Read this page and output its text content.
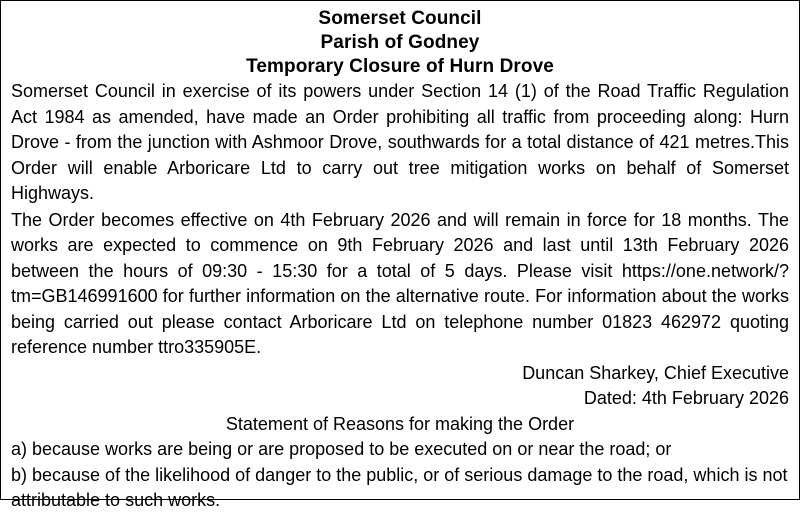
Somerset Council
Parish of Godney
Temporary Closure of Hurn Drove

Somerset Council in exercise of its powers under Section 14 (1) of the Road Traffic Regulation Act 1984 as amended, have made an Order prohibiting all traffic from proceeding along: Hurn Drove - from the junction with Ashmoor Drove, southwards for a total distance of 421 metres.This Order will enable Arboricare Ltd to carry out tree mitigation works on behalf of Somerset Highways.

The Order becomes effective on 4th February 2026 and will remain in force for 18 months. The works are expected to commence on 9th February 2026 and last until 13th February 2026 between the hours of 09:30 - 15:30 for a total of 5 days. Please visit https://one.network/?tm=GB146991600 for further information on the alternative route. For information about the works being carried out please contact Arboricare Ltd on telephone number 01823 462972 quoting reference number ttro335905E.

Duncan Sharkey, Chief Executive
Dated: 4th February 2026
Statement of Reasons for making the Order
a) because works are being or are proposed to be executed on or near the road; or
b) because of the likelihood of danger to the public, or of serious damage to the road, which is not attributable to such works.
